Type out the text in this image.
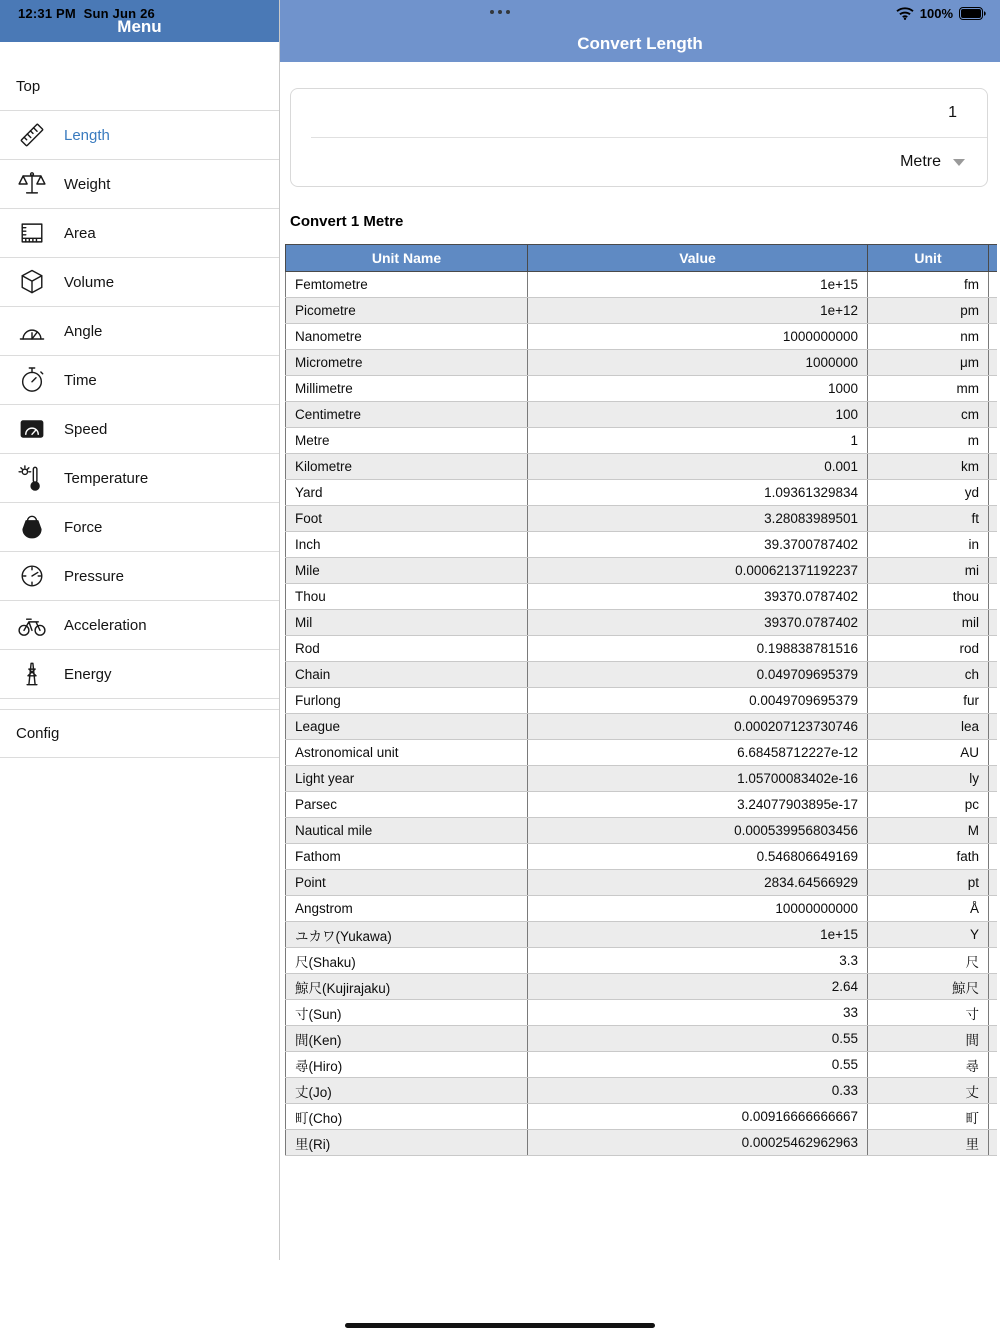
12:31 PM Sun Jun 26	100%
Menu
Top
Length
Weight
Area
Volume
Angle
Time
Speed
Temperature
Force
Pressure
Acceleration
Energy
Config
Convert Length
1
Metre
Convert 1 Metre
Unit Name	Value	Unit	
Femtometre	1e+15	fm	
Picometre	1e+12	pm	
Nanometre	1000000000	nm	
Micrometre	1000000	μm	
Millimetre	1000	mm	
Centimetre	100	cm	
Metre	1	m	
Kilometre	0.001	km	
Yard	1.09361329834	yd	
Foot	3.28083989501	ft	
Inch	39.3700787402	in	
Mile	0.000621371192237	mi	
Thou	39370.0787402	thou	
Mil	39370.0787402	mil	
Rod	0.198838781516	rod	
Chain	0.049709695379	ch	
Furlong	0.0049709695379	fur	
League	0.000207123730746	lea	
Astronomical unit	6.68458712227e-12	AU	
Light year	1.05700083402e-16	ly	
Parsec	3.24077903895e-17	pc	
Nautical mile	0.000539956803456	M	
Fathom	0.546806649169	fath	
Point	2834.64566929	pt	
Angstrom	10000000000	Å	
ユカワ(Yukawa)	1e+15	Y	
尺(Shaku)	3.3	尺	
鯨尺(Kujirajaku)	2.64	鯨尺	
寸(Sun)	33	寸	
間(Ken)	0.55	間	
尋(Hiro)	0.55	尋	
丈(Jo)	0.33	丈	
町(Cho)	0.00916666666667	町	
里(Ri)	0.00025462962963	里	
